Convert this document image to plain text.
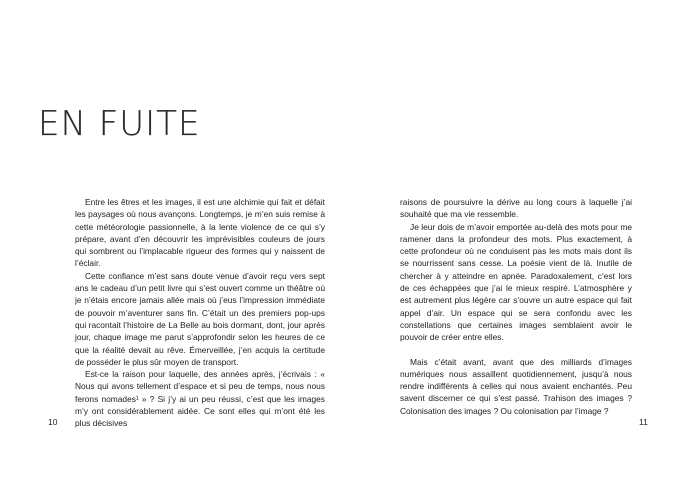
EN FUITE

Entre les êtres et les images, il est une alchimie qui fait et défait les paysages où nous avançons. Longtemps, je m’en suis remise à cette météorologie passionnelle, à la lente violence de ce qui s’y prépare, avant d’en découvrir les imprévisibles couleurs de jours qui sombrent ou l’implacable rigueur des formes qui y naissent de l’éclair.

Cette confiance m’est sans doute venue d’avoir reçu vers sept ans le cadeau d’un petit livre qui s’est ouvert comme un théâtre où je n’étais encore jamais allée mais où j’eus l’impression immédiate de pouvoir m’aventurer sans fin. C’était un des premiers pop-ups qui racontait l’histoire de La Belle au bois dormant, dont, jour après jour, chaque image me parut s’approfondir selon les heures de ce que la réalité devait au rêve. Émerveillée, j’en acquis la certitude de posséder le plus sûr moyen de transport.

Est-ce la raison pour laquelle, des années après, j’écrivais : « Nous qui avons tellement d’espace et si peu de temps, nous nous ferons nomades¹ » ? Si j’y ai un peu réussi, c’est que les images m’y ont considérablement aidée. Ce sont elles qui m’ont été les plus décisives

raisons de poursuivre la dérive au long cours à laquelle j’ai souhaité que ma vie ressemble.

Je leur dois de m’avoir emportée au-delà des mots pour me ramener dans la profondeur des mots. Plus exactement, à cette profondeur où ne conduisent pas les mots mais dont ils se nourrissent sans cesse. La poésie vient de là. Inutile de chercher à y atteindre en apnée. Paradoxalement, c’est lors de ces échappées que j’ai le mieux respiré. L’atmosphère y est autrement plus légère car s’ouvre un autre espace qui fait appel d’air. Un espace qui se sera confondu avec les constellations que certaines images semblaient avoir le pouvoir de créer entre elles.

Mais c’était avant, avant que des milliards d’images numériques nous assaillent quotidiennement, jusqu’à nous rendre indifférents à celles qui nous avaient enchantés. Peu savent discerner ce qui s’est passé. Trahison des images ? Colonisation des images ? Ou colonisation par l’image ?

10	11
